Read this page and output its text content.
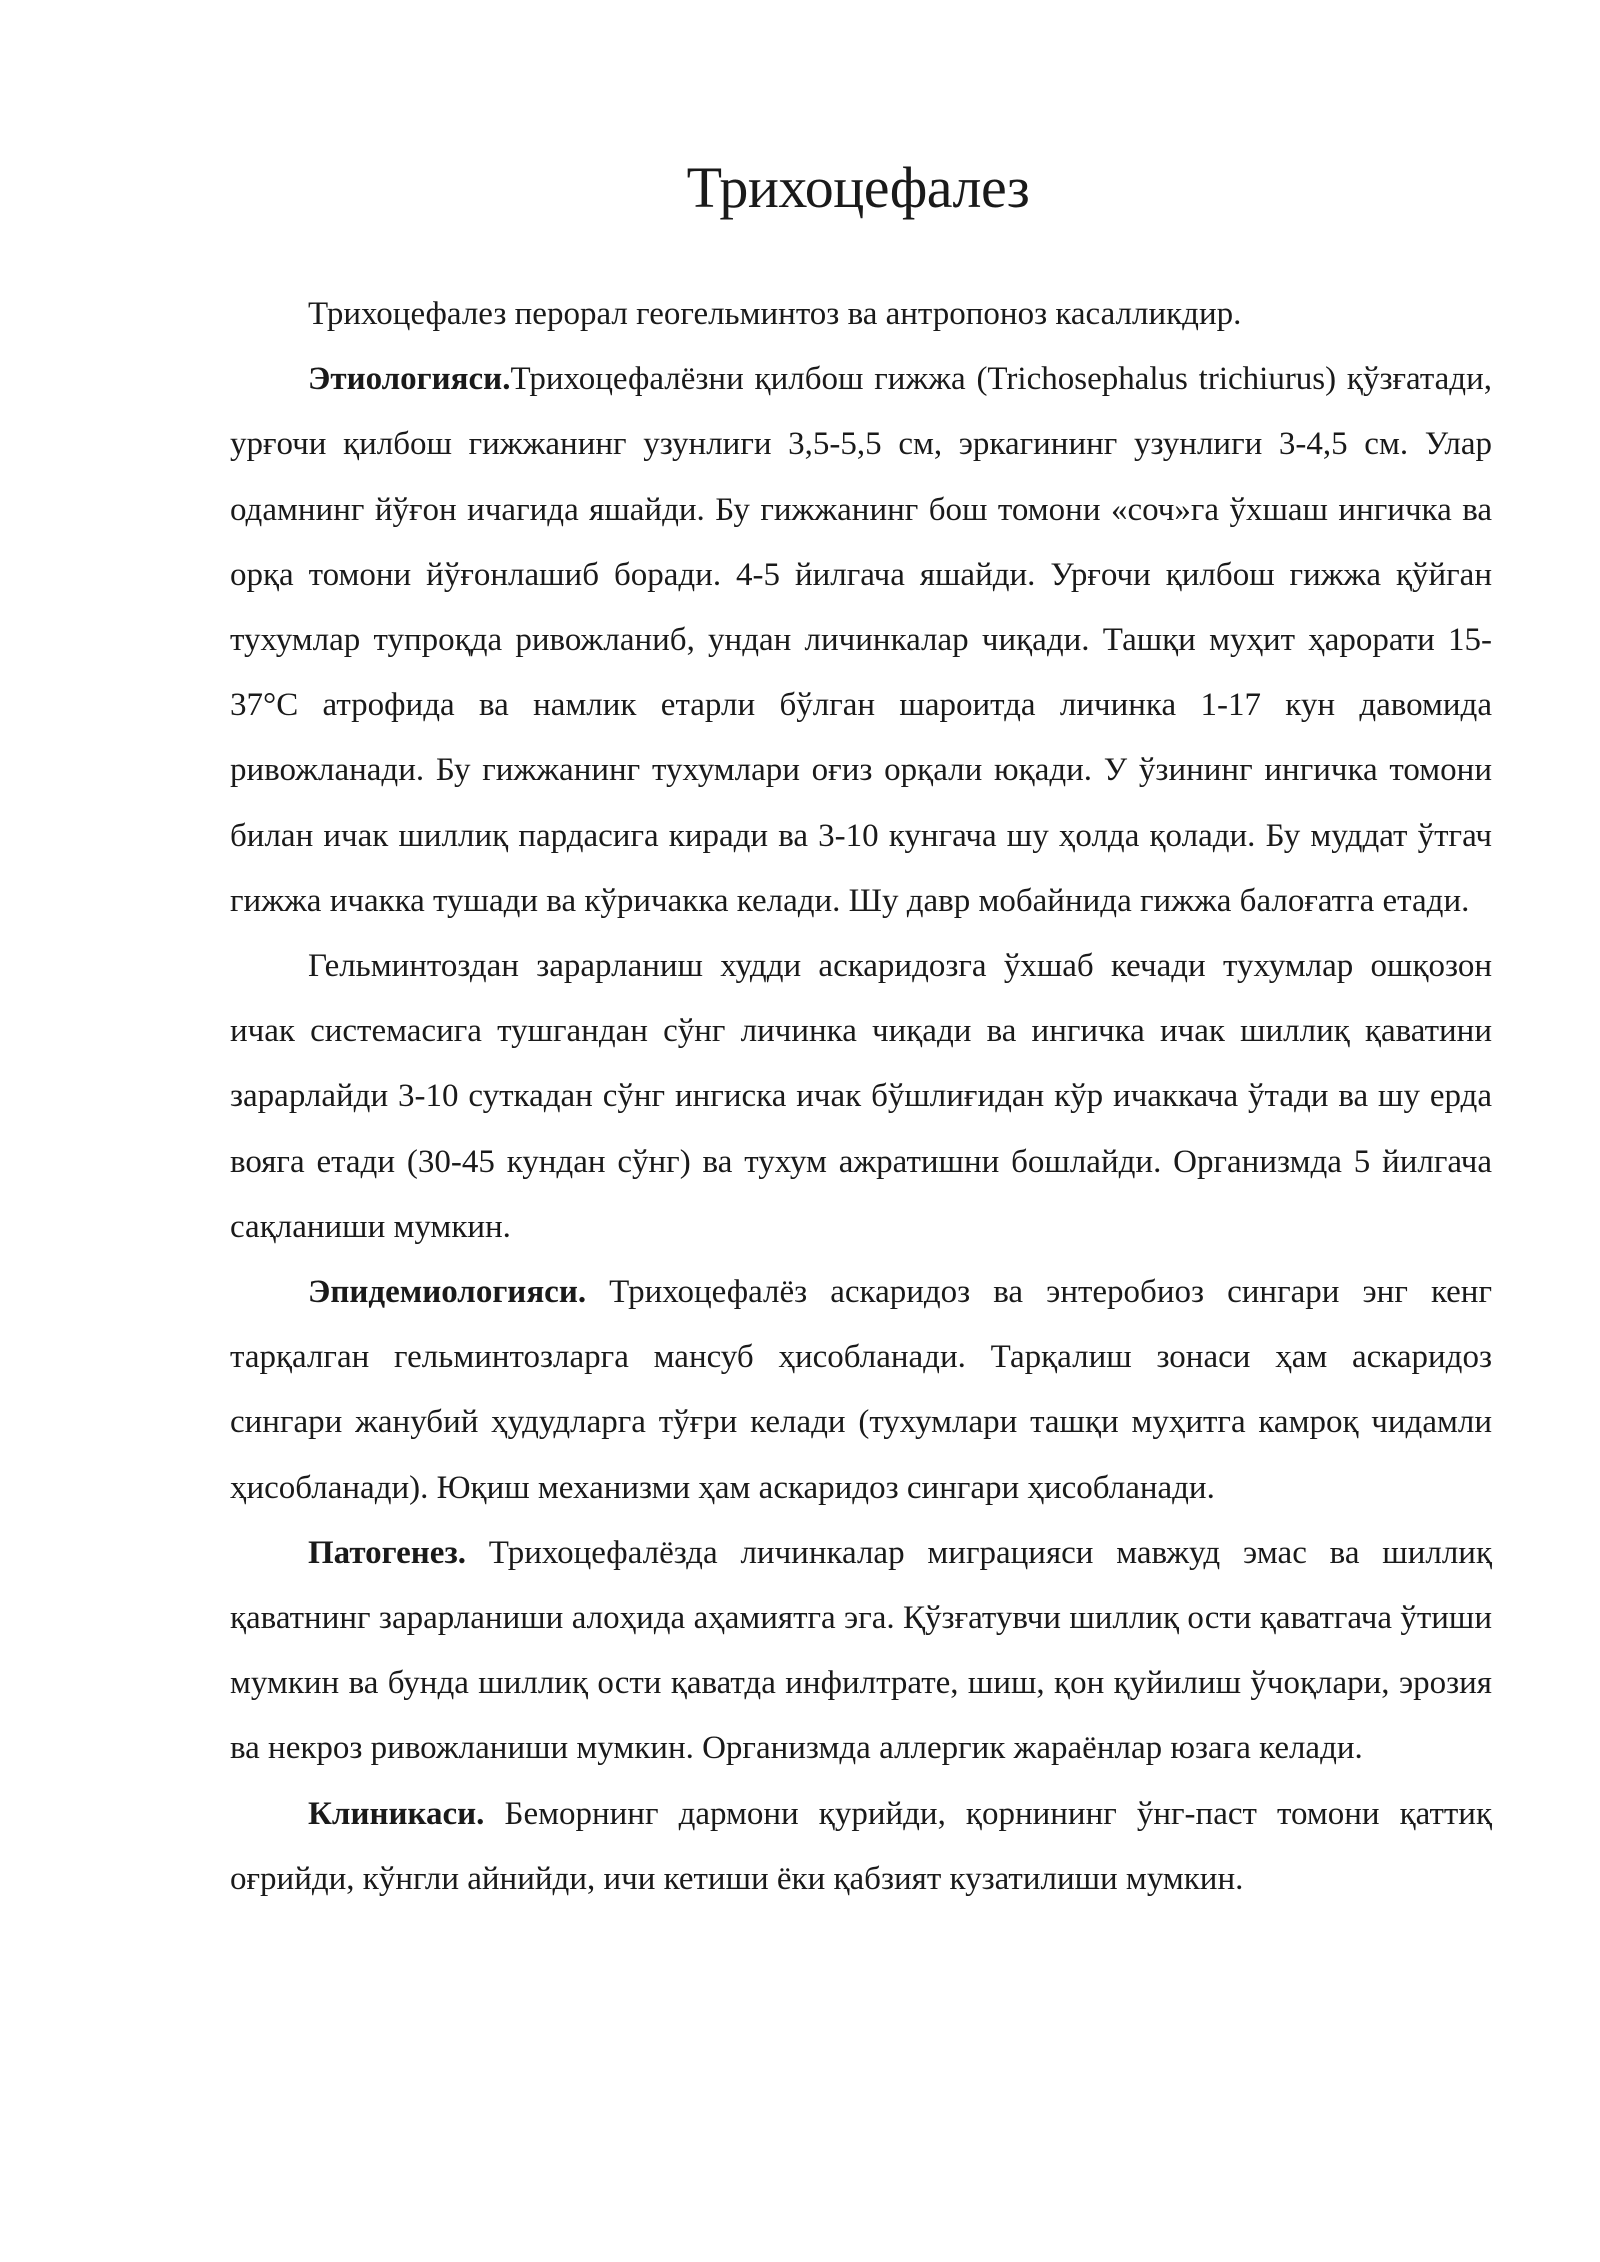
Трихоцефалез

Трихоцефалез перорал геогельминтоз ва антропоноз касалликдир.

Этиологияси.Трихоцефалёзни қилбош гижжа (Trichosephalus trichiurus) қўзғатади, урғочи қилбош гижжанинг узунлиги 3,5-5,5 см, эркагининг узунлиги 3-4,5 см. Улар одамнинг йўғон ичагида яшайди. Бу гижжанинг бош томони «соч»га ўхшаш ингичка ва орқа томони йўғонлашиб боради. 4-5 йилгача яшайди. Урғочи қилбош гижжа қўйган тухумлар тупроқда ривожланиб, ундан личинкалар чиқади. Ташқи муҳит ҳарорати 15-37°С атрофида ва намлик етарли бўлган шароитда личинка 1-17 кун давомида ривожланади. Бу гижжанинг тухумлари оғиз орқали юқади. У ўзининг ингичка томони билан ичак шиллиқ пардасига киради ва 3-10 кунгача шу ҳолда қолади. Бу муддат ўтгач гижжа ичакка тушади ва кўричакка келади. Шу давр мобайнида гижжа балоғатга етади.

Гельминтоздан зарарланиш худди аскаридозга ўхшаб кечади тухумлар ошқозон ичак системасига тушгандан сўнг личинка чиқади ва ингичка ичак шиллиқ қаватини зарарлайди 3-10 суткадан сўнг ингиска ичак бўшлиғидан кўр ичаккача ўтади ва шу ерда вояга етади (30-45 кундан сўнг) ва тухум ажратишни бошлайди. Организмда 5 йилгача сақланиши мумкин.

Эпидемиологияси. Трихоцефалёз аскаридоз ва энтеробиоз сингари энг кенг тарқалган гельминтозларга мансуб ҳисобланади. Тарқалиш зонаси ҳам аскаридоз сингари жанубий ҳудудларга тўғри келади (тухумлари ташқи муҳитга камроқ чидамли ҳисобланади). Юқиш механизми ҳам аскаридоз сингари ҳисобланади.

Патогенез. Трихоцефалёзда личинкалар миграцияси мавжуд эмас ва шиллиқ қаватнинг зарарланиши алоҳида аҳамиятга эга. Қўзғатувчи шиллиқ ости қаватгача ўтиши мумкин ва бунда шиллиқ ости қаватда инфилтрате, шиш, қон қуйилиш ўчоқлари, эрозия ва некроз ривожланиши мумкин. Организмда аллергик жараёнлар юзага келади.

Клиникаси. Беморнинг дармони қурийди, қорнининг ўнг-паст томони қаттиқ оғрийди, кўнгли айнийди, ичи кетиши ёки қабзият кузатилиши мумкин.
